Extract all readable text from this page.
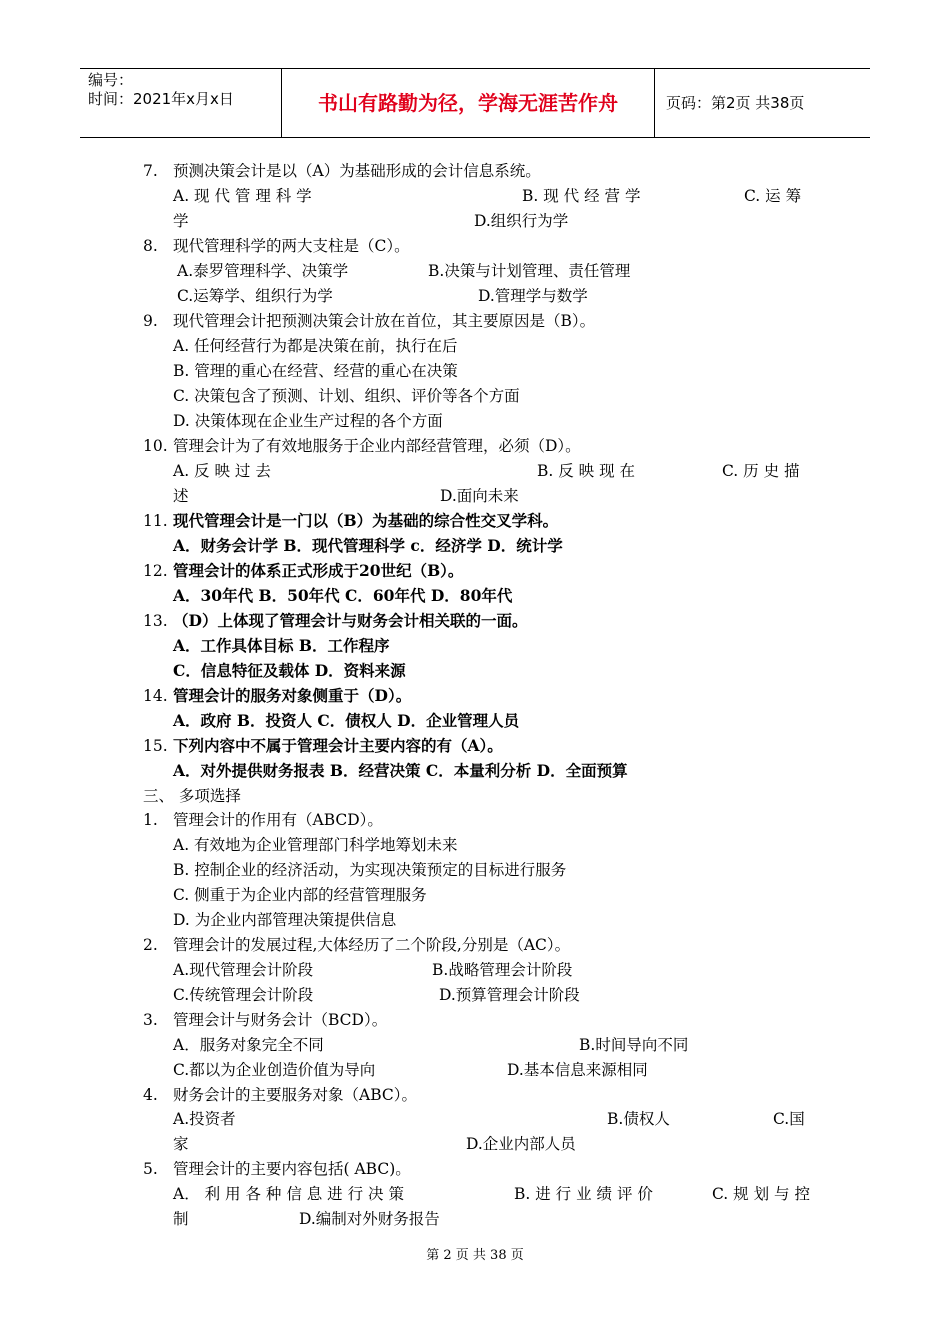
编号：
时间：2021年x月x日	书山有路勤为径，学海无涯苦作舟	页码：第2页 共38页
7. 预测决策会计是以（A）为基础形成的会计信息系统。
A. 现 代 管 理 科 学	B. 现 代 经 营 学	C. 运 筹
学	D.组织行为学
8. 现代管理科学的两大支柱是（C）。
A.泰罗管理科学、决策学	B.决策与计划管理、责任管理
C.运筹学、组织行为学	D.管理学与数学
9. 现代管理会计把预测决策会计放在首位，其主要原因是（B）。
A. 任何经营行为都是决策在前，执行在后
B. 管理的重心在经营、经营的重心在决策
C. 决策包含了预测、计划、组织、评价等各个方面
D. 决策体现在企业生产过程的各个方面
10. 管理会计为了有效地服务于企业内部经营管理，必须（D）。
A. 反 映 过 去	B. 反 映 现 在	C. 历 史 描
述	D.面向未来
11. 现代管理会计是一门以（B）为基础的综合性交叉学科。
A．财务会计学 B．现代管理科学 c．经济学 D．统计学
12. 管理会计的体系正式形成于20世纪（B）。
A．30年代 B．50年代 C．60年代 D．80年代
13. （D）上体现了管理会计与财务会计相关联的一面。
A．工作具体目标 B．工作程序
C．信息特征及载体 D．资料来源
14. 管理会计的服务对象侧重于（D）。
A．政府 B．投资人 C．债权人 D．企业管理人员
15. 下列内容中不属于管理会计主要内容的有（A）。
A．对外提供财务报表 B．经营决策 C．本量利分析 D．全面预算
三、 多项选择
1. 管理会计的作用有（ABCD）。
A. 有效地为企业管理部门科学地筹划未来
B. 控制企业的经济活动，为实现决策预定的目标进行服务
C. 侧重于为企业内部的经营管理服务
D. 为企业内部管理决策提供信息
2. 管理会计的发展过程,大体经历了二个阶段,分别是（AC）。
A.现代管理会计阶段	B.战略管理会计阶段
C.传统管理会计阶段	D.预算管理会计阶段
3. 管理会计与财务会计（BCD）。
A．服务对象完全不同	B.时间导向不同
C.都以为企业创造价值为导向	D.基本信息来源相同
4. 财务会计的主要服务对象（ABC）。
A.投资者	B.债权人	C.国
家	D.企业内部人员
5. 管理会计的主要内容包括( ABC)。
A． 利 用 各 种 信 息 进 行 决 策	B. 进 行 业 绩 评 价	C. 规 划 与 控
制	D.编制对外财务报告
第 2 页 共 38 页
